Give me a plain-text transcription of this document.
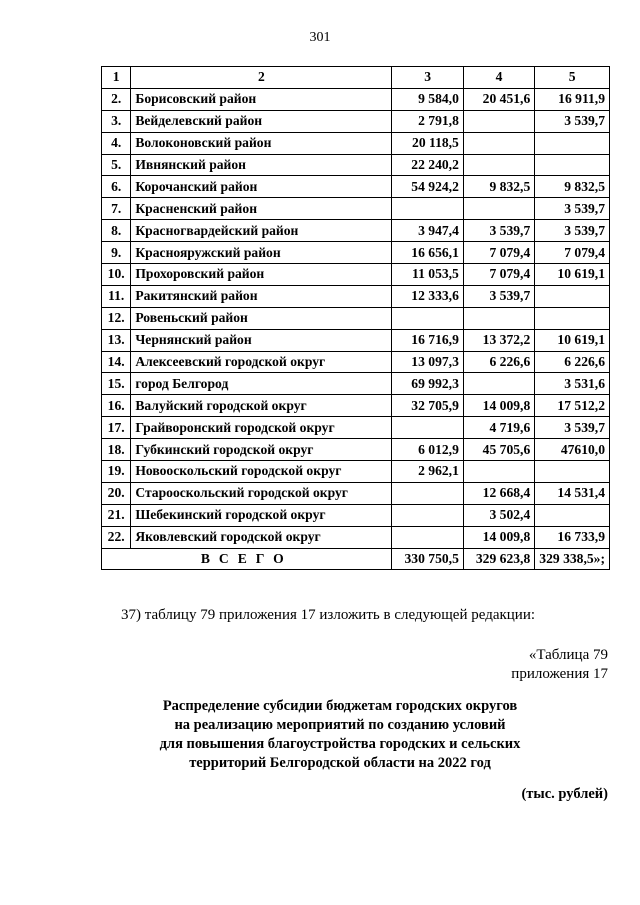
301
1	2	3	4	5
2.	Борисовский район	9 584,0	20 451,6	16 911,9
3.	Вейделевский район	2 791,8		3 539,7
4.	Волоконовский район	20 118,5		
5.	Ивнянский район	22 240,2		
6.	Корочанский район	54 924,2	9 832,5	9 832,5
7.	Красненский район			3 539,7
8.	Красногвардейский район	3 947,4	3 539,7	3 539,7
9.	Краснояружский район	16 656,1	7 079,4	7 079,4
10.	Прохоровский район	11 053,5	7 079,4	10 619,1
11.	Ракитянский район	12 333,6	3 539,7	
12.	Ровеньский район			
13.	Чернянский район	16 716,9	13 372,2	10 619,1
14.	Алексеевский городской округ	13 097,3	6 226,6	6 226,6
15.	город Белгород	69 992,3		3 531,6
16.	Валуйский городской округ	32 705,9	14 009,8	17 512,2
17.	Грайворонский городской округ		4 719,6	3 539,7
18.	Губкинский городской округ	6 012,9	45 705,6	47610,0
19.	Новооскольский городской округ	2 962,1		
20.	Старооскольский городской округ		12 668,4	14 531,4
21.	Шебекинский городской округ		3 502,4	
22.	Яковлевский городской округ		14 009,8	16 733,9
ВСЕГО		330 750,5	329 623,8	329 338,5»;
37) таблицу 79 приложения 17 изложить в следующей редакции:
«Таблица 79
приложения 17
Распределение субсидии бюджетам городских округов
на реализацию мероприятий по созданию условий
для повышения благоустройства городских и сельских
территорий Белгородской области на 2022 год
(тыс. рублей)
